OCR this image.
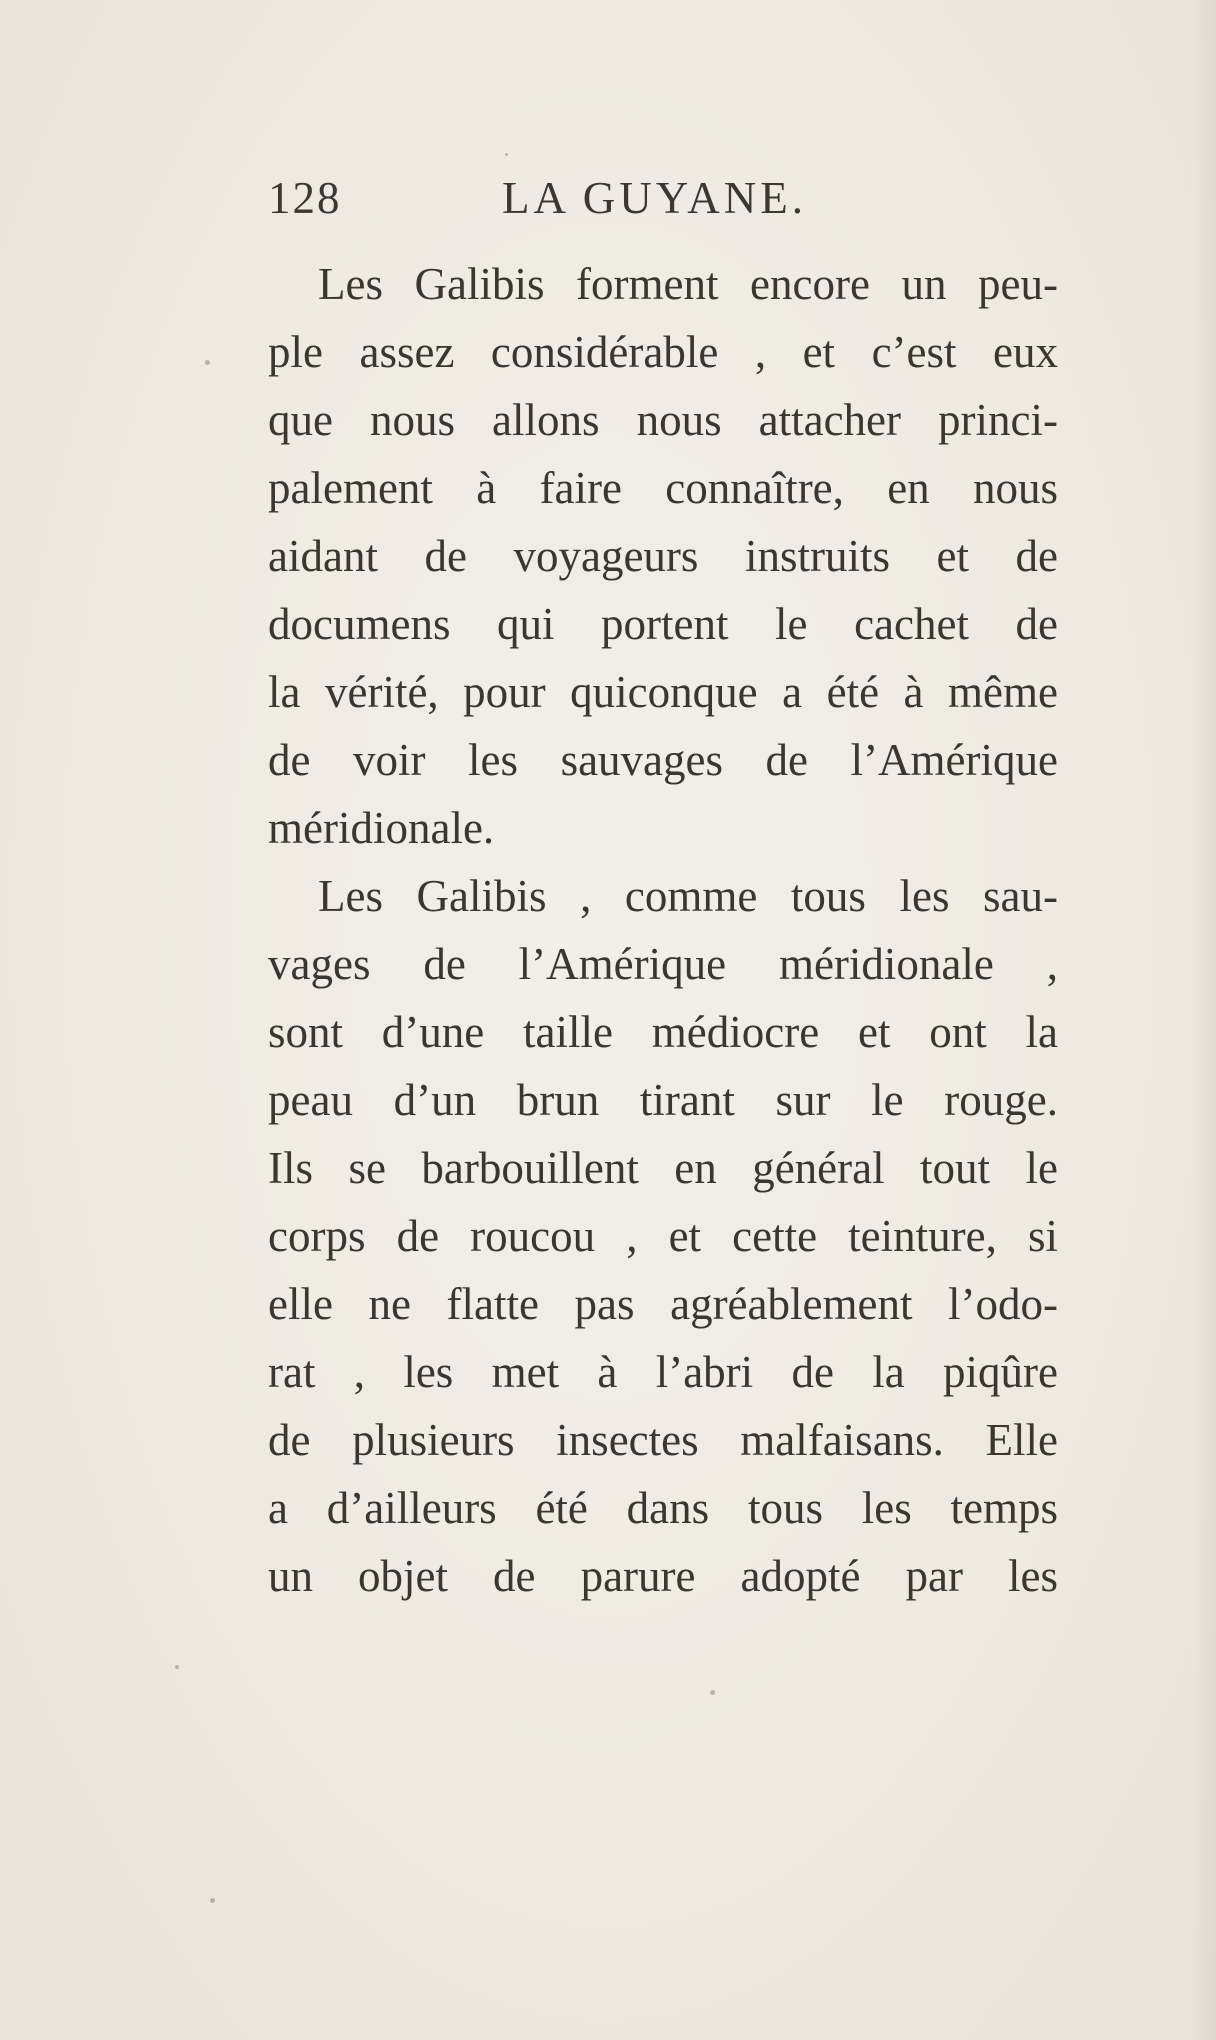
128	LA GUYANE.
Les Galibis forment encore un peu-
ple assez considérable , et c’est eux
que nous allons nous attacher princi-
palement à faire connaître, en nous
aidant de voyageurs instruits et de
documens qui portent le cachet de
la vérité, pour quiconque a été à même
de voir les sauvages de l’Amérique
méridionale.
Les Galibis , comme tous les sau-
vages de l’Amérique méridionale ,
sont d’une taille médiocre et ont la
peau d’un brun tirant sur le rouge.
Ils se barbouillent en général tout le
corps de roucou , et cette teinture, si
elle ne flatte pas agréablement l’odo-
rat , les met à l’abri de la piqûre
de plusieurs insectes malfaisans. Elle
a d’ailleurs été dans tous les temps
un objet de parure adopté par les
